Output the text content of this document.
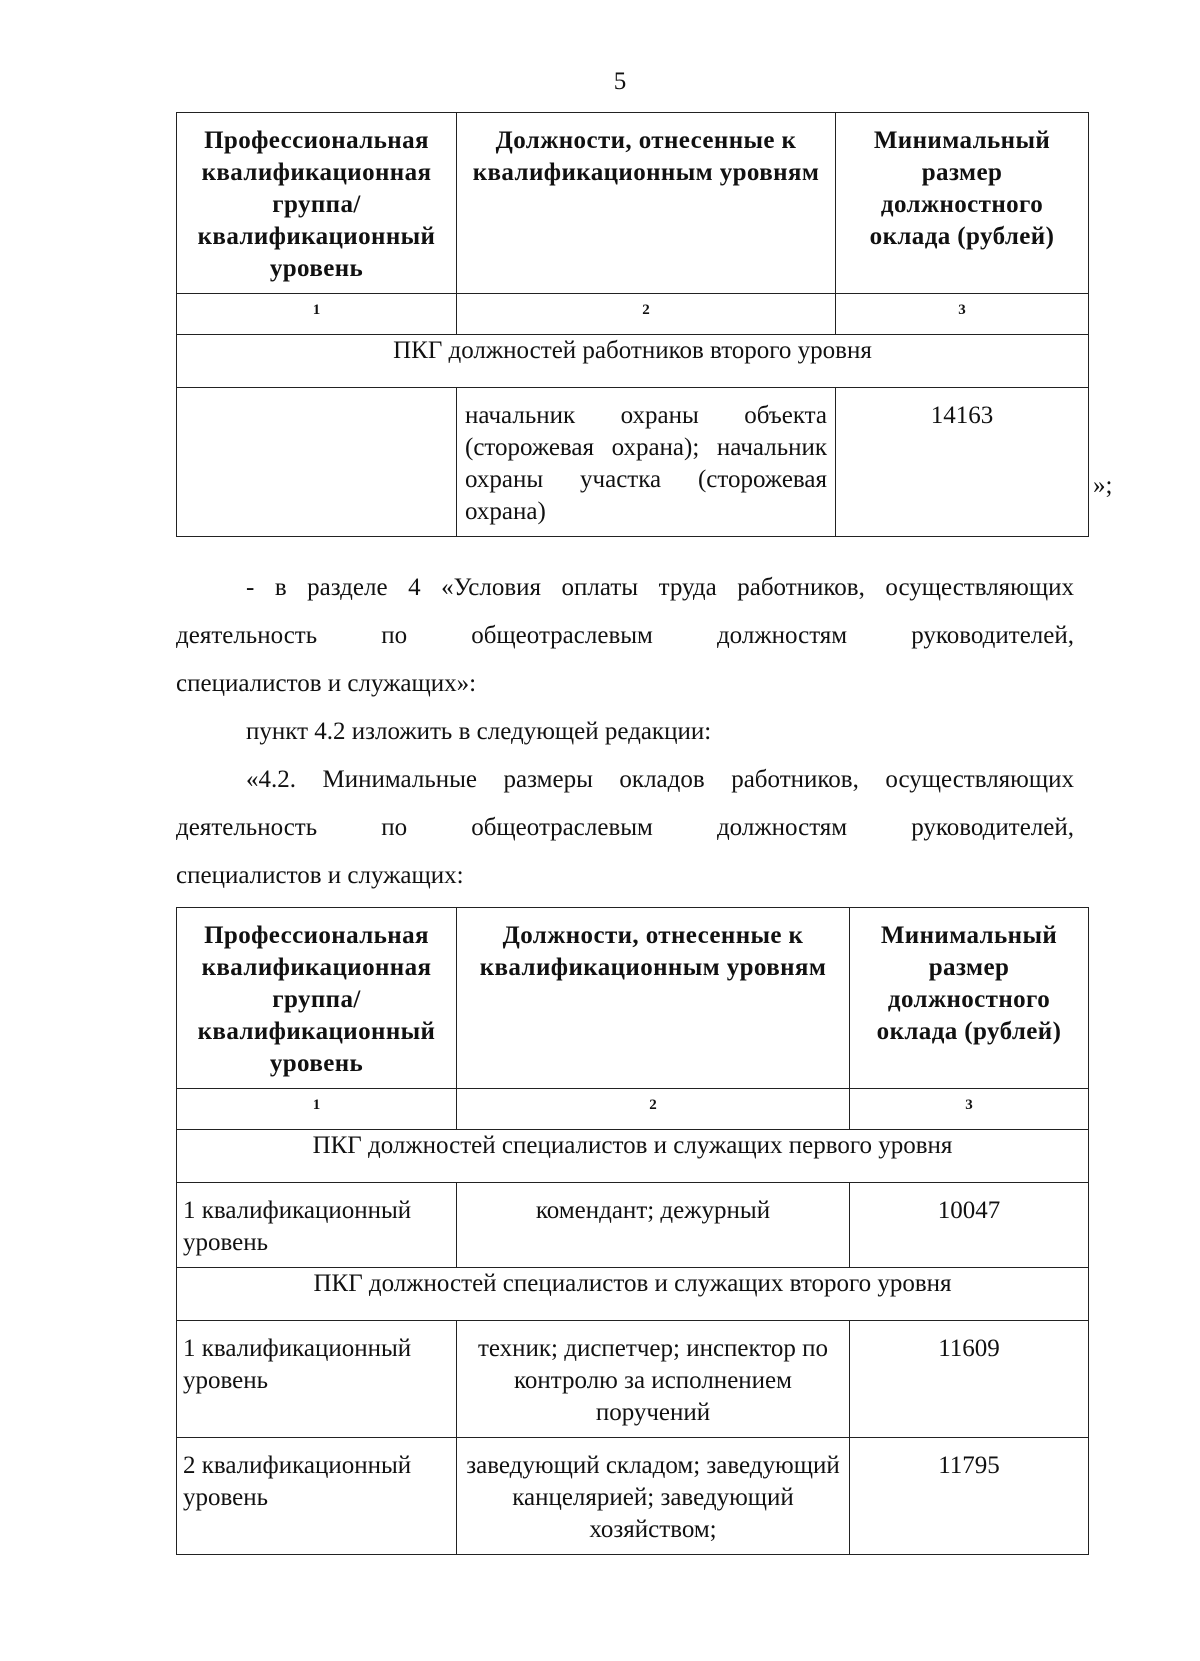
5
Профессиональная квалификационная группа/ квалификационный уровень	Должности, отнесенные к квалификационным уровням	Минимальный размер должностного оклада (рублей)
1	2	3
ПКГ должностей работников второго уровня		
	начальник охраны объекта (сторожевая охрана); начальник охраны участка (сторожевая охрана)	14163
»;

- в разделе 4 «Условия оплаты труда работников, осуществляющих

деятельность по общеотраслевым должностям руководителей,

специалистов и служащих»:

пункт 4.2 изложить в следующей редакции:

«4.2. Минимальные размеры окладов работников, осуществляющих

деятельность по общеотраслевым должностям руководителей,

специалистов и служащих:

Профессиональная квалификационная группа/ квалификационный уровень	Должности, отнесенные к квалификационным уровням	Минимальный размер должностного оклада (рублей)
1	2	3
ПКГ должностей специалистов и служащих первого уровня		
1 квалификационный уровень	комендант; дежурный	10047
ПКГ должностей специалистов и служащих второго уровня		
1 квалификационный уровень	техник; диспетчер; инспектор по контролю за исполнением поручений	11609
2 квалификационный уровень	заведующий складом; заведующий канцелярией; заведующий хозяйством;	11795
